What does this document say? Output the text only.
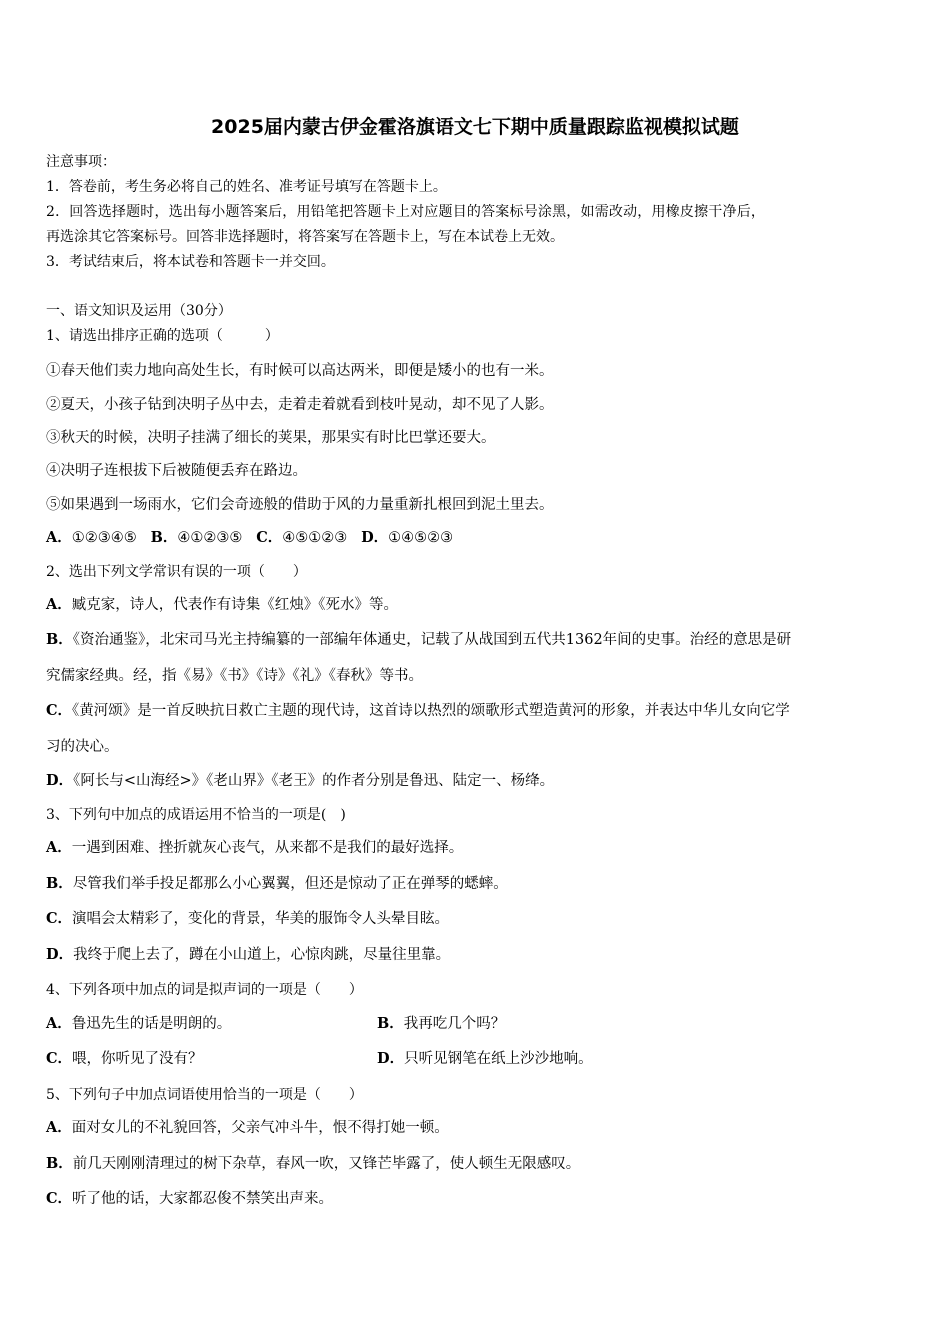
2025届内蒙古伊金霍洛旗语文七下期中质量跟踪监视模拟试题
注意事项：
1．答卷前，考生务必将自己的姓名、准考证号填写在答题卡上。
2．回答选择题时，选出每小题答案后，用铅笔把答题卡上对应题目的答案标号涂黑，如需改动，用橡皮擦干净后，
再选涂其它答案标号。回答非选择题时，将答案写在答题卡上，写在本试卷上无效。
3．考试结束后，将本试卷和答题卡一并交回。
一、语文知识及运用（30分）
1、请选出排序正确的选项（　　　）
①春天他们卖力地向高处生长，有时候可以高达两米，即便是矮小的也有一米。
②夏天，小孩子钻到决明子丛中去，走着走着就看到枝叶晃动，却不见了人影。
③秋天的时候，决明子挂满了细长的荚果，那果实有时比巴掌还要大。
④决明子连根拔下后被随便丢弃在路边。
⑤如果遇到一场雨水，它们会奇迹般的借助于风的力量重新扎根回到泥土里去。
A．①②③④⑤ B．④①②③⑤ C．④⑤①②③ D．①④⑤②③
2、选出下列文学常识有误的一项（　　）
A．臧克家，诗人，代表作有诗集《红烛》《死水》等。
B．《资治通鉴》，北宋司马光主持编纂的一部编年体通史，记载了从战国到五代共1362年间的史事。治经的意思是研
究儒家经典。经，指《易》《书》《诗》《礼》《春秋》等书。
C．《黄河颂》是一首反映抗日救亡主题的现代诗，这首诗以热烈的颂歌形式塑造黄河的形象，并表达中华儿女向它学
习的决心。
D．《阿长与<山海经>》《老山界》《老王》的作者分别是鲁迅、陆定一、杨绛。
3、下列句中加点的成语运用不恰当的一项是(　)
A．一遇到困难、挫折就灰心丧气，从来都不是我们的最好选择。
B．尽管我们举手投足都那么小心翼翼，但还是惊动了正在弹琴的蟋蟀。
C．演唱会太精彩了，变化的背景，华美的服饰令人头晕目眩。
D．我终于爬上去了，蹲在小山道上，心惊肉跳，尽量往里靠。
4、下列各项中加点的词是拟声词的一项是（　　）
A．鲁迅先生的话是明朗的。	B．我再吃几个吗？
C．喂，你听见了没有？	D．只听见钢笔在纸上沙沙地响。
5、下列句子中加点词语使用恰当的一项是（　　）
A．面对女儿的不礼貌回答，父亲气冲斗牛，恨不得打她一顿。
B．前几天刚刚清理过的树下杂草，春风一吹，又锋芒毕露了，使人顿生无限感叹。
C．听了他的话，大家都忍俊不禁笑出声来。
